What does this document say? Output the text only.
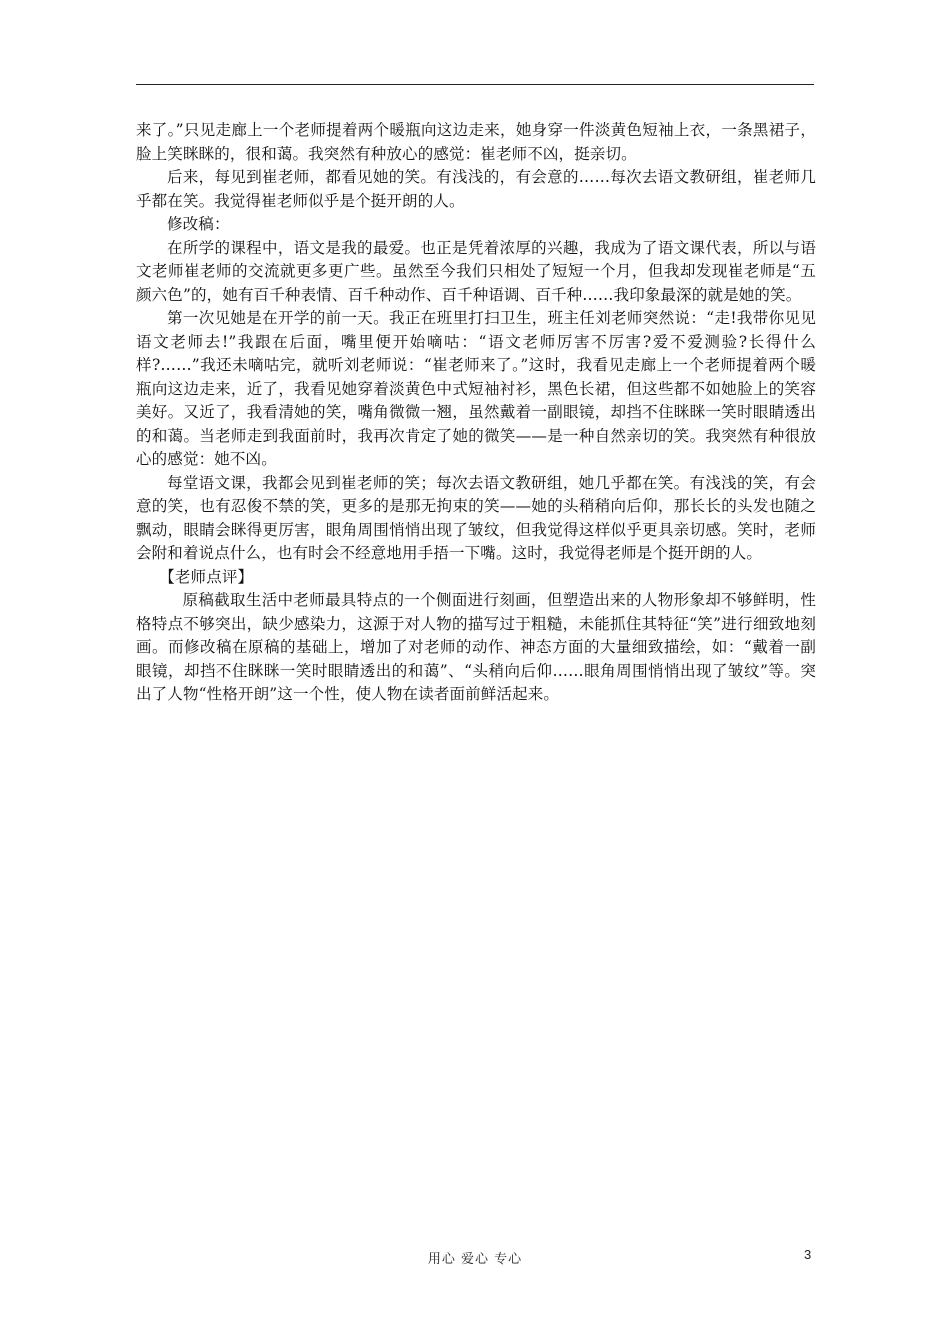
来了。”只见走廊上一个老师提着两个暖瓶向这边走来，她身穿一件淡黄色短袖上衣，一条黑裙子，脸上笑眯眯的，很和蔼。我突然有种放心的感觉：崔老师不凶，挺亲切。

后来，每见到崔老师，都看见她的笑。有浅浅的，有会意的……每次去语文教研组，崔老师几乎都在笑。我觉得崔老师似乎是个挺开朗的人。

修改稿：

在所学的课程中，语文是我的最爱。也正是凭着浓厚的兴趣，我成为了语文课代表，所以与语文老师崔老师的交流就更多更广些。虽然至今我们只相处了短短一个月，但我却发现崔老师是“五颜六色”的，她有百千种表情、百千种动作、百千种语调、百千种……我印象最深的就是她的笑。

第一次见她是在开学的前一天。我正在班里打扫卫生，班主任刘老师突然说：“走!我带你见见语文老师去!”我跟在后面，嘴里便开始嘀咕：“语文老师厉害不厉害?爱不爱测验?长得什么样?……”我还未嘀咕完，就听刘老师说：“崔老师来了。”这时，我看见走廊上一个老师提着两个暖瓶向这边走来，近了，我看见她穿着淡黄色中式短袖衬衫，黑色长裙，但这些都不如她脸上的笑容美好。又近了，我看清她的笑，嘴角微微一翘，虽然戴着一副眼镜，却挡不住眯眯一笑时眼睛透出的和蔼。当老师走到我面前时，我再次肯定了她的微笑——是一种自然亲切的笑。我突然有种很放心的感觉：她不凶。

每堂语文课，我都会见到崔老师的笑；每次去语文教研组，她几乎都在笑。有浅浅的笑，有会意的笑，也有忍俊不禁的笑，更多的是那无拘束的笑——她的头稍稍向后仰，那长长的头发也随之飘动，眼睛会眯得更厉害，眼角周围悄悄出现了皱纹，但我觉得这样似乎更具亲切感。笑时，老师会附和着说点什么，也有时会不经意地用手捂一下嘴。这时，我觉得老师是个挺开朗的人。

【老师点评】

原稿截取生活中老师最具特点的一个侧面进行刻画，但塑造出来的人物形象却不够鲜明，性格特点不够突出，缺少感染力，这源于对人物的描写过于粗糙，未能抓住其特征“笑”进行细致地刻画。而修改稿在原稿的基础上，增加了对老师的动作、神态方面的大量细致描绘，如：“戴着一副眼镜，却挡不住眯眯一笑时眼睛透出的和蔼”、“头稍向后仰……眼角周围悄悄出现了皱纹”等。突出了人物“性格开朗”这一个性，使人物在读者面前鲜活起来。

用心 爱心 专心	3
